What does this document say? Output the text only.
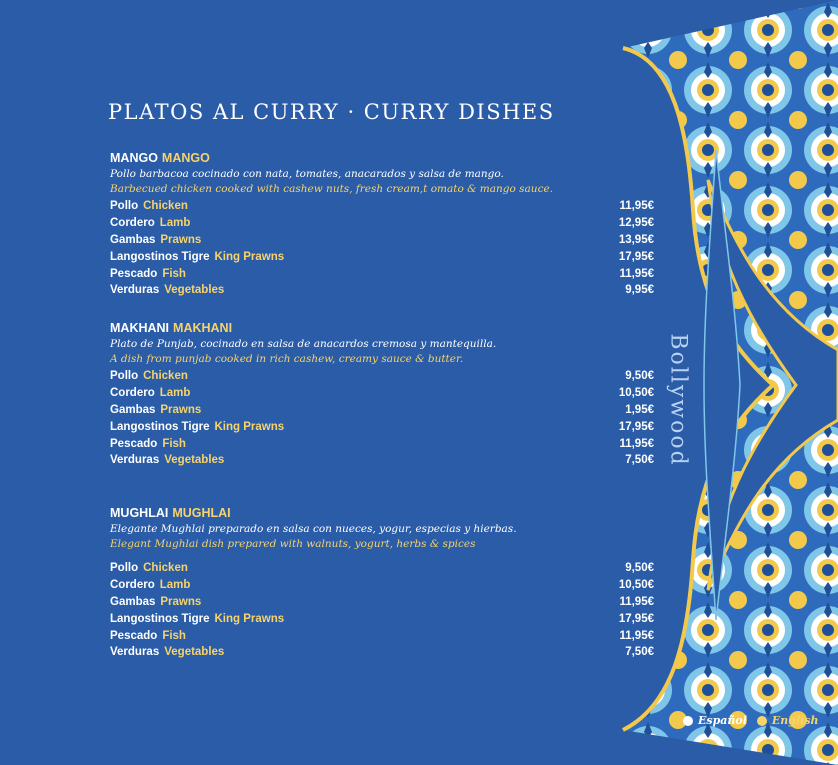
PLATOS AL CURRY · CURRY DISHES
MANGO MANGO

Pollo barbacoa cocinado con nata, tomates, anacarados y salsa de mango.

Barbecued chicken cooked with cashew nuts, fresh cream,t omato & mango sauce.

Pollo Chicken	11,95€
Cordero Lamb	12,95€
Gambas Prawns	13,95€
Langostinos Tigre King Prawns	17,95€
Pescado Fish	11,95€
Verduras Vegetables	9,95€
MAKHANI MAKHANI

Plato de Punjab, cocinado en salsa de anacardos cremosa y mantequilla.

A dish from punjab cooked in rich cashew, creamy sauce & butter.

Pollo Chicken	9,50€
Cordero Lamb	10,50€
Gambas Prawns	1,95€
Langostinos Tigre King Prawns	17,95€
Pescado Fish	11,95€
Verduras Vegetables	7,50€
MUGHLAI MUGHLAI

Elegante Mughlai preparado en salsa con nueces, yogur, especias y hierbas.

Elegant Mughlai dish prepared with walnuts, yogurt, herbs & spices

Pollo Chicken	9,50€
Cordero Lamb	10,50€
Gambas Prawns	11,95€
Langostinos Tigre King Prawns	17,95€
Pescado Fish	11,95€
Verduras Vegetables	7,50€
Bollywood
Español English
